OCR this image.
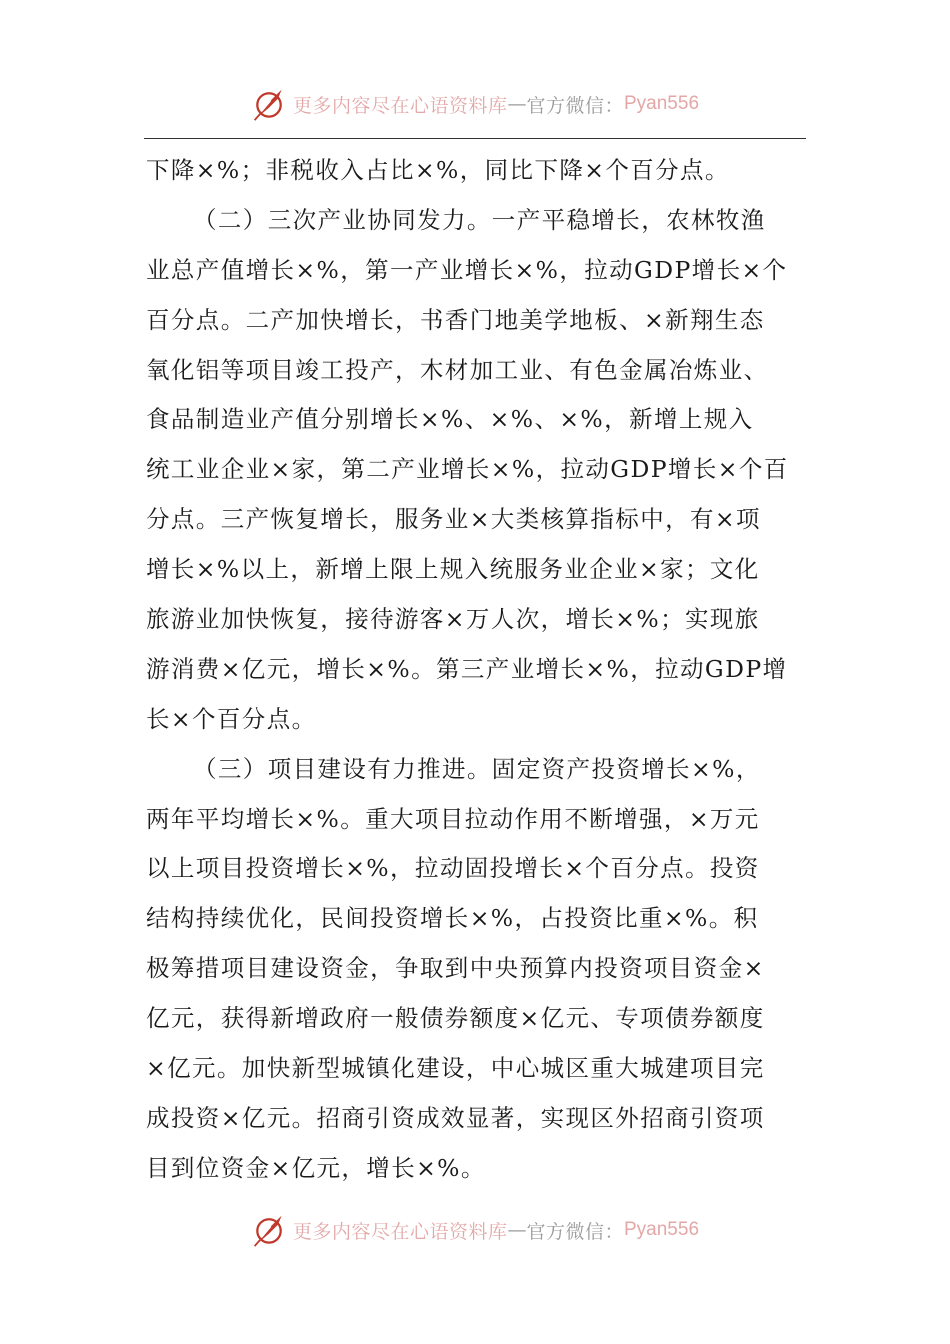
更多内容尽在心语资料库 — 官方微信： Pyan556
下降×%；非税收入占比×%，同比下降×个百分点。
（二）三次产业协同发力。一产平稳增长，农林牧渔
业总产值增长×%，第一产业增长×%，拉动GDP增长×个
百分点。二产加快增长，书香门地美学地板、×新翔生态
氧化铝等项目竣工投产，木材加工业、有色金属冶炼业、
食品制造业产值分别增长×%、×%、×%，新增上规入
统工业企业×家，第二产业增长×%，拉动GDP增长×个百
分点。三产恢复增长，服务业×大类核算指标中，有×项
增长×%以上，新增上限上规入统服务业企业×家；文化
旅游业加快恢复，接待游客×万人次，增长×%；实现旅
游消费×亿元，增长×%。第三产业增长×%，拉动GDP增
长×个百分点。
（三）项目建设有力推进。固定资产投资增长×%，
两年平均增长×%。重大项目拉动作用不断增强，×万元
以上项目投资增长×%，拉动固投增长×个百分点。投资
结构持续优化，民间投资增长×%，占投资比重×%。积
极筹措项目建设资金，争取到中央预算内投资项目资金×
亿元，获得新增政府一般债券额度×亿元、专项债券额度
×亿元。加快新型城镇化建设，中心城区重大城建项目完
成投资×亿元。招商引资成效显著，实现区外招商引资项
目到位资金×亿元，增长×%。
更多内容尽在心语资料库 — 官方微信： Pyan556
